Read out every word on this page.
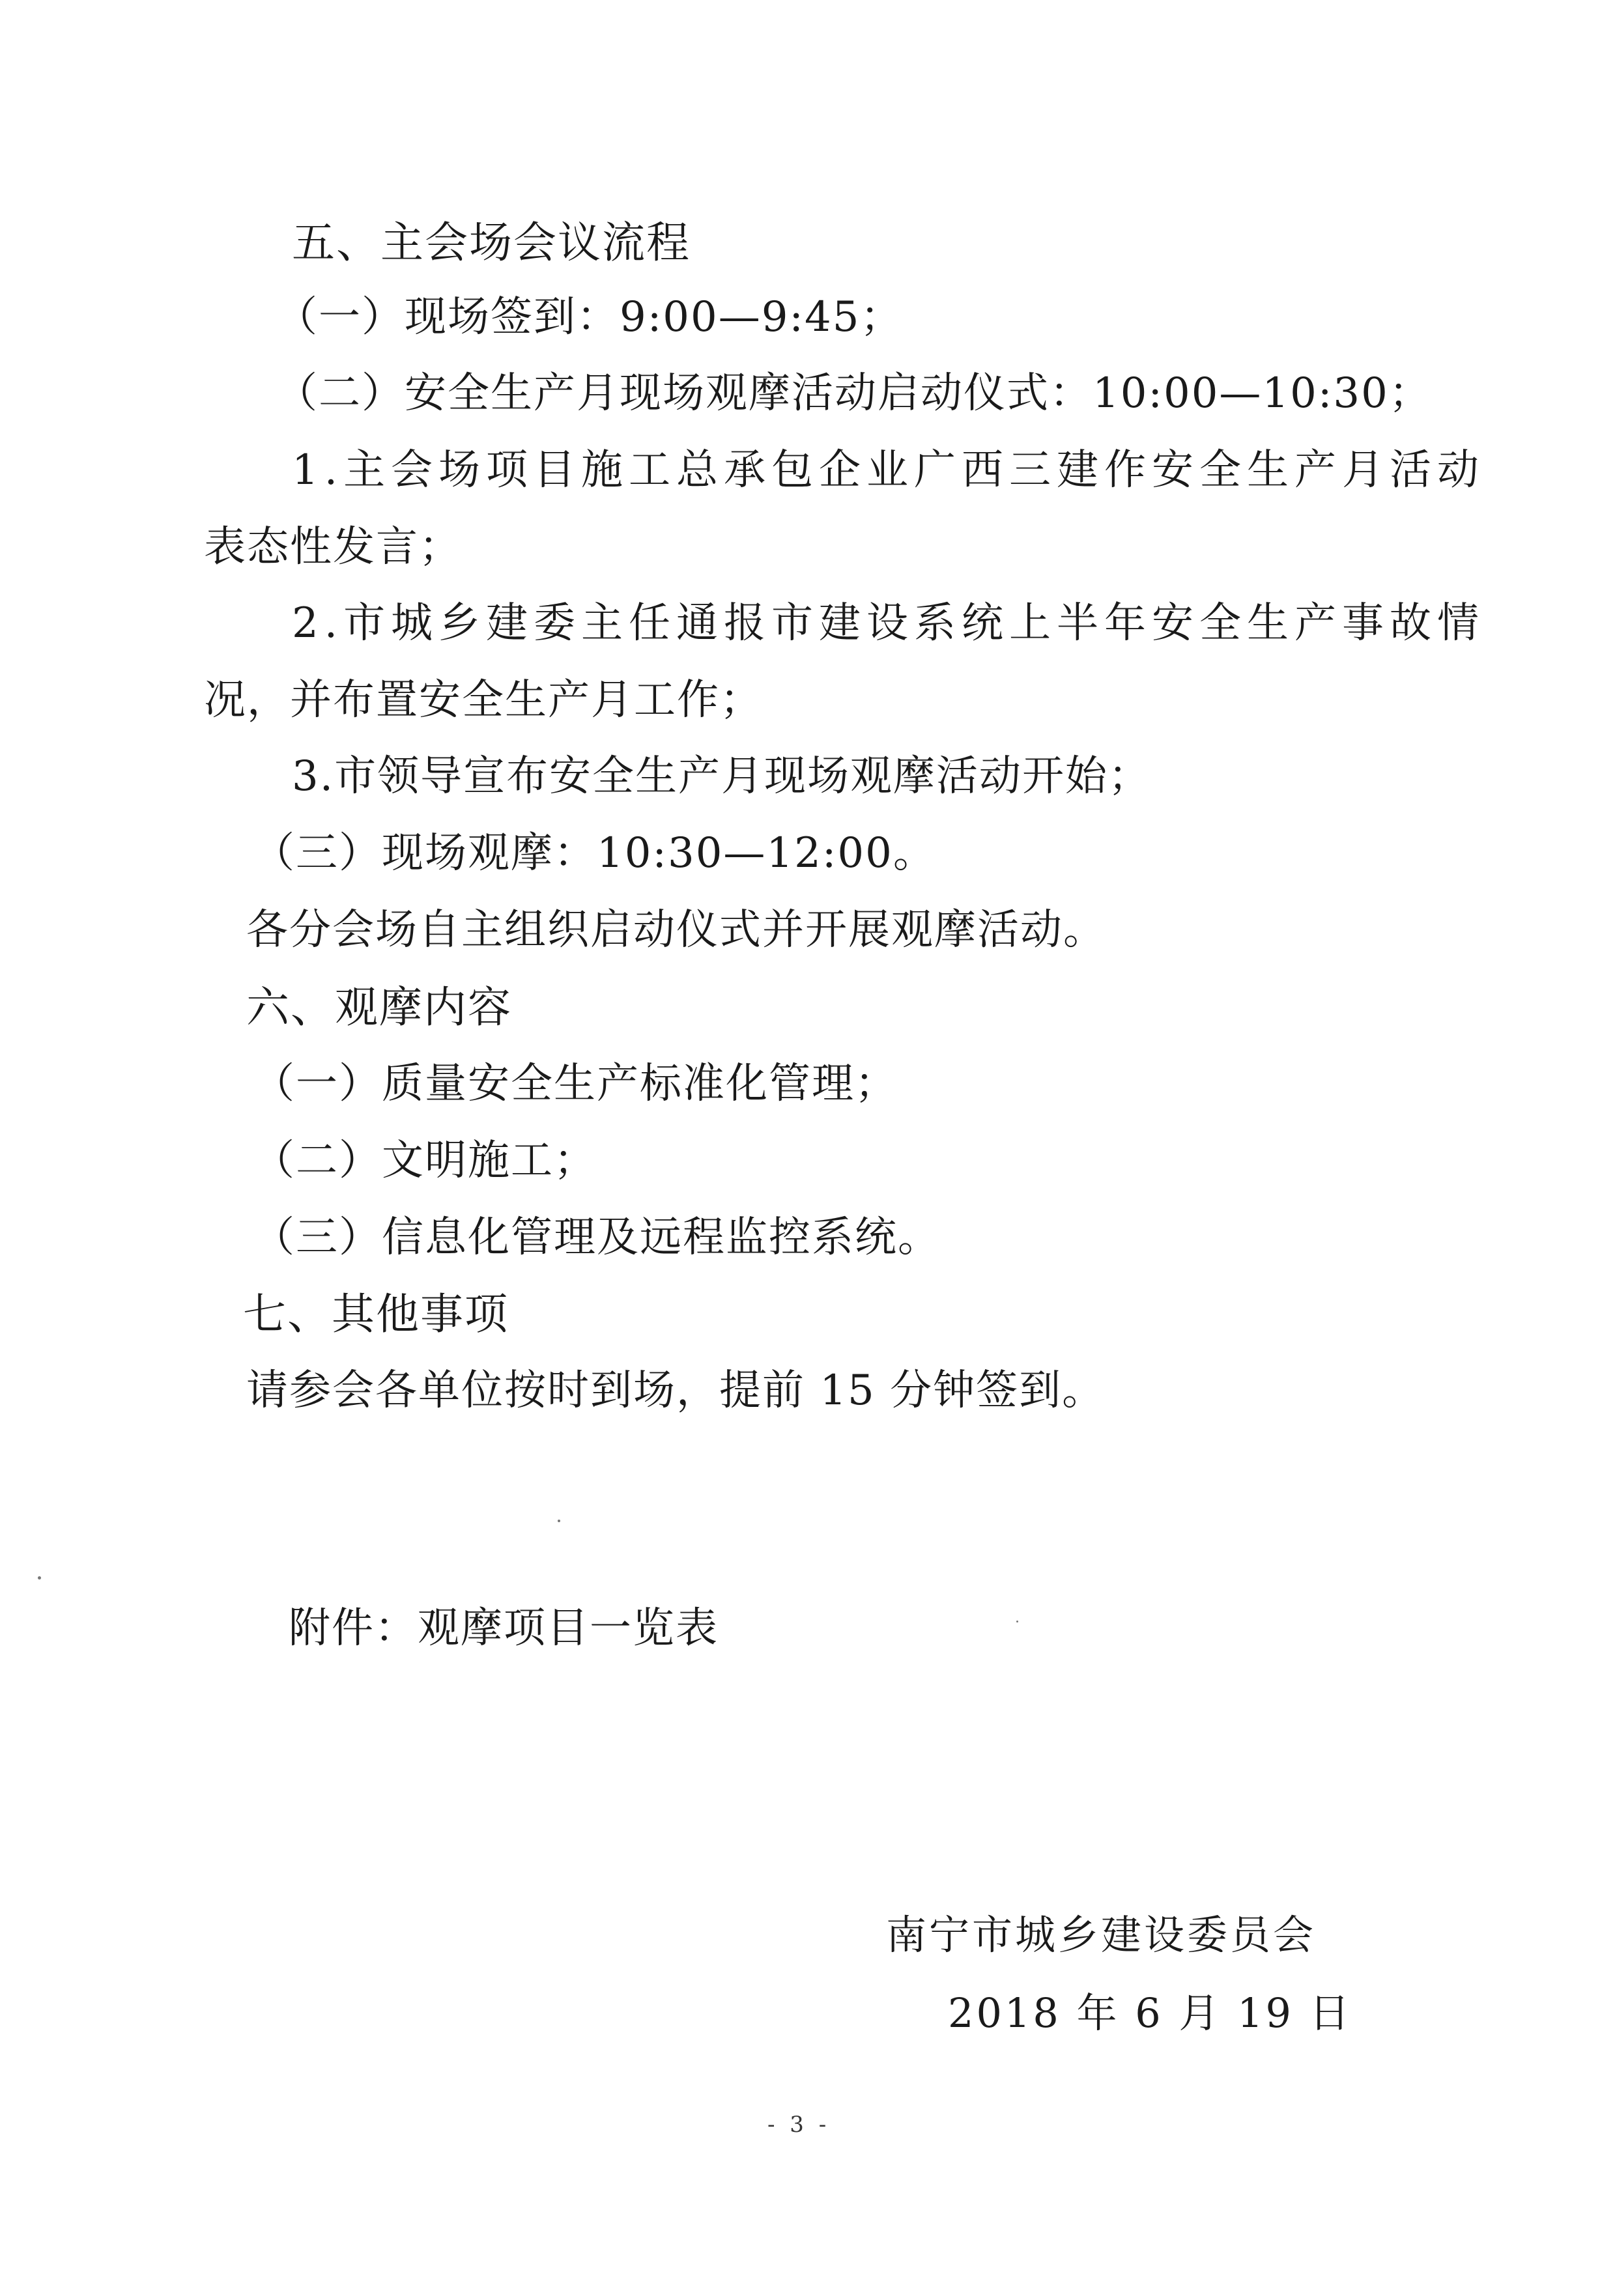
五、主会场会议流程

（一）现场签到：9:00—9:45；

（二）安全生产月现场观摩活动启动仪式：10:00—10:30；

1.主会场项目施工总承包企业广西三建作安全生产月活动

表态性发言；

2.市城乡建委主任通报市建设系统上半年安全生产事故情

况，并布置安全生产月工作；

3.市领导宣布安全生产月现场观摩活动开始；

（三）现场观摩：10:30—12:00。

各分会场自主组织启动仪式并开展观摩活动。

六、观摩内容

（一）质量安全生产标准化管理；

（二）文明施工；

（三）信息化管理及远程监控系统。

七、其他事项

请参会各单位按时到场，提前 15 分钟签到。

附件：观摩项目一览表

南宁市城乡建设委员会

2018 年 6 月 19 日

- 3 -
